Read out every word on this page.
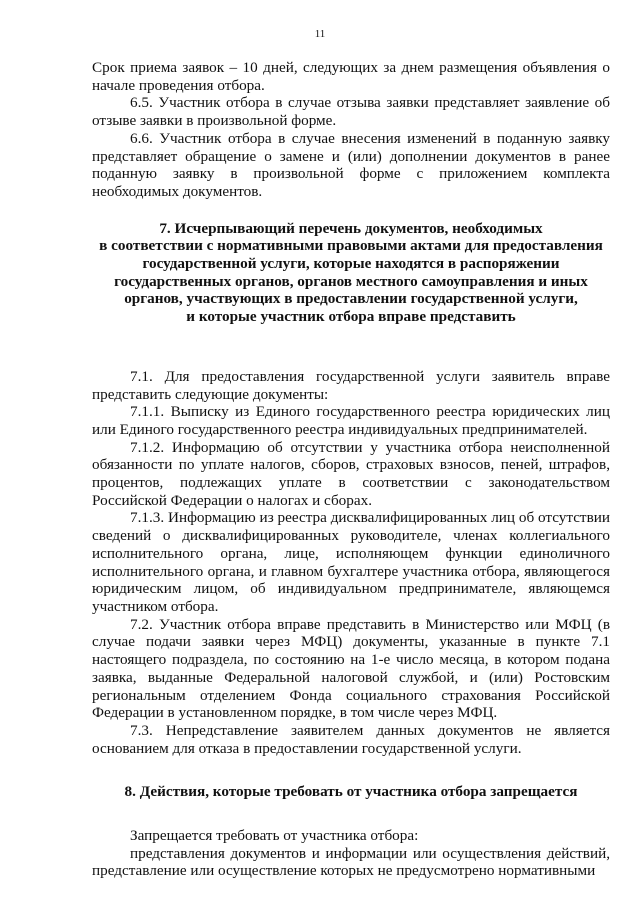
11

Срок приема заявок – 10 дней, следующих за днем размещения объявления о начале проведения отбора.

6.5. Участник отбора в случае отзыва заявки представляет заявление об отзыве заявки в произвольной форме.

6.6. Участник отбора в случае внесения изменений в поданную заявку представляет обращение о замене и (или) дополнении документов в ранее поданную заявку в произвольной форме с приложением комплекта необходимых документов.

7. Исчерпывающий перечень документов, необходимых
в соответствии с нормативными правовыми актами для предоставления
государственной услуги, которые находятся в распоряжении
государственных органов, органов местного самоуправления и иных
органов, участвующих в предоставлении государственной услуги,
и которые участник отбора вправе представить

7.1. Для предоставления государственной услуги заявитель вправе представить следующие документы:

7.1.1. Выписку из Единого государственного реестра юридических лиц или Единого государственного реестра индивидуальных предпринимателей.

7.1.2. Информацию об отсутствии у участника отбора неисполненной обязанности по уплате налогов, сборов, страховых взносов, пеней, штрафов, процентов, подлежащих уплате в соответствии с законодательством Российской Федерации о налогах и сборах.

7.1.3. Информацию из реестра дисквалифицированных лиц об отсутствии сведений о дисквалифицированных руководителе, членах коллегиального исполнительного органа, лице, исполняющем функции единоличного исполнительного органа, и главном бухгалтере участника отбора, являющегося юридическим лицом, об индивидуальном предпринимателе, являющемся участником отбора.

7.2. Участник отбора вправе представить в Министерство или МФЦ (в случае подачи заявки через МФЦ) документы, указанные в пункте 7.1 настоящего подраздела, по состоянию на 1-е число месяца, в котором подана заявка, выданные Федеральной налоговой службой, и (или) Ростовским региональным отделением Фонда социального страхования Российской Федерации в установленном порядке, в том числе через МФЦ.

7.3. Непредставление заявителем данных документов не является основанием для отказа в предоставлении государственной услуги.

8. Действия, которые требовать от участника отбора запрещается

Запрещается требовать от участника отбора:

представления документов и информации или осуществления действий, представление или осуществление которых не предусмотрено нормативными
